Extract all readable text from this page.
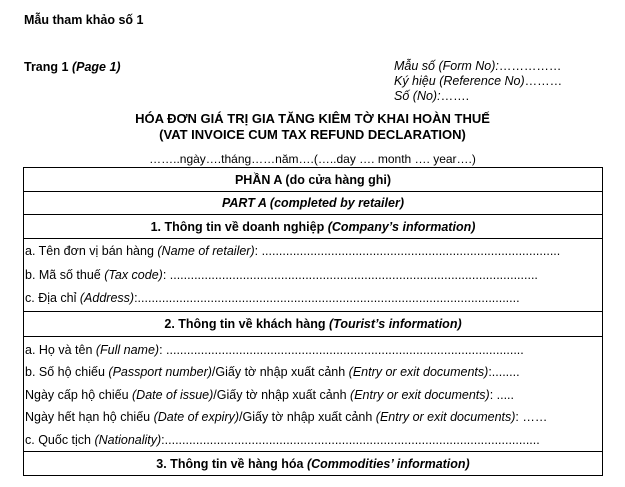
Mẫu tham khảo số 1
Trang 1 (Page 1)	Mẫu số (Form No):……………
Ký hiệu (Reference No)………
Số (No):…….
HÓA ĐƠN GIÁ TRỊ GIA TĂNG KIÊM TỜ KHAI HOÀN THUẾ
(VAT INVOICE CUM TAX REFUND DECLARATION)
……..ngày….tháng……năm….(…..day …. month …. year….)
PHẦN A (do cửa hàng ghi)
PART A (completed by retailer)
1. Thông tin về doanh nghiệp (Company’s information)

a. Tên đơn vị bán hàng (Name of retailer): ......................................................................................
b. Mã số thuế (Tax code): ..........................................................................................................
c. Địa chỉ (Address):..............................................................................................................

2. Thông tin về khách hàng (Tourist’s information)

a. Họ và tên (Full name): .......................................................................................................
b. Số hộ chiếu (Passport number)/Giấy tờ nhập xuất cảnh (Entry or exit documents):........
Ngày cấp hộ chiếu (Date of issue)/Giấy tờ nhập xuất cảnh (Entry or exit documents): .....
Ngày hết hạn hộ chiếu (Date of expiry)/Giấy tờ nhập xuất cảnh (Entry or exit documents): ……
c. Quốc tịch (Nationality):............................................................................................................

3. Thông tin về hàng hóa (Commodities’ information)
